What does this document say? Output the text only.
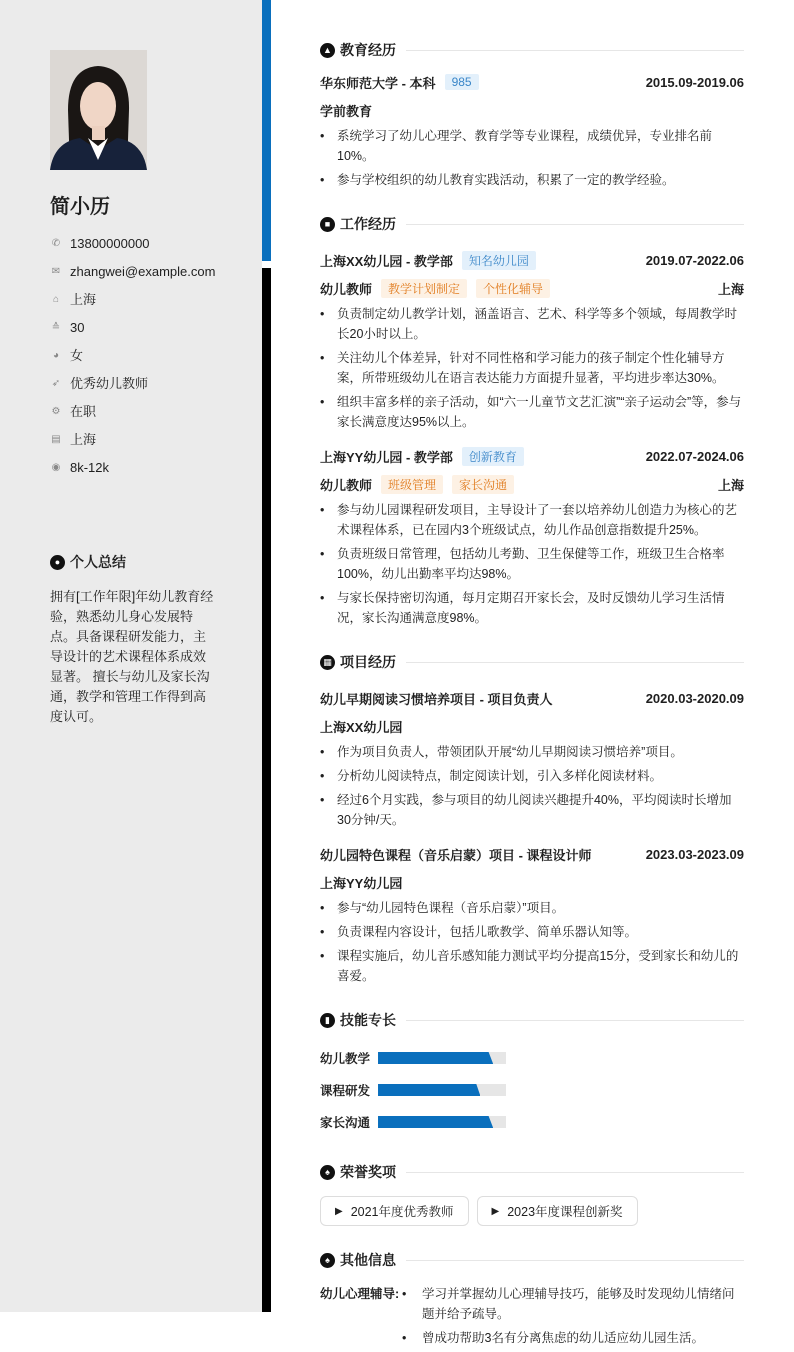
简小历
✆ 13800000000
✉ zhangwei@example.com
⌂ 上海
≙ 30
◕ 女
➶ 优秀幼儿教师
⚙ 在职
▤ 上海
◉ 8k-12k
● 个人总结
拥有[工作年限]年幼儿教育经验，熟悉幼儿身心发展特点。具备课程研发能力，主导设计的艺术课程体系成效显著。 擅长与幼儿及家长沟通，教学和管理工作得到高度认可。
▲ 教育经历
华东师范大学 - 本科	985	2015.09-2019.06
学前教育
• 系统学习了幼儿心理学、教育学等专业课程，成绩优异，专业排名前10%。
• 参与学校组织的幼儿教育实践活动，积累了一定的教学经验。
■ 工作经历
上海XX幼儿园 - 教学部	知名幼儿园	2019.07-2022.06
幼儿教师	教学计划制定	个性化辅导	上海
• 负责制定幼儿教学计划，涵盖语言、艺术、科学等多个领域，每周教学时长20小时以上。
• 关注幼儿个体差异，针对不同性格和学习能力的孩子制定个性化辅导方案，所带班级幼儿在语言表达能力方面提升显著，平均进步率达30%。
• 组织丰富多样的亲子活动，如“六一儿童节文艺汇演”“亲子运动会”等，参与家长满意度达95%以上。
上海YY幼儿园 - 教学部	创新教育	2022.07-2024.06
幼儿教师	班级管理	家长沟通	上海
• 参与幼儿园课程研发项目，主导设计了一套以培养幼儿创造力为核心的艺术课程体系，已在园内3个班级试点，幼儿作品创意指数提升25%。
• 负责班级日常管理，包括幼儿考勤、卫生保健等工作，班级卫生合格率100%，幼儿出勤率平均达98%。
• 与家长保持密切沟通，每月定期召开家长会，及时反馈幼儿学习生活情况，家长沟通满意度98%。
▦ 项目经历
幼儿早期阅读习惯培养项目 - 项目负责人	2020.03-2020.09
上海XX幼儿园
• 作为项目负责人，带领团队开展“幼儿早期阅读习惯培养”项目。
• 分析幼儿阅读特点，制定阅读计划，引入多样化阅读材料。
• 经过6个月实践，参与项目的幼儿阅读兴趣提升40%，平均阅读时长增加30分钟/天。
幼儿园特色课程（音乐启蒙）项目 - 课程设计师	2023.03-2023.09
上海YY幼儿园
• 参与“幼儿园特色课程（音乐启蒙）”项目。
• 负责课程内容设计，包括儿歌教学、简单乐器认知等。
• 课程实施后，幼儿音乐感知能力测试平均分提高15分，受到家长和幼儿的喜爱。
▮ 技能专长
幼儿教学
课程研发
家长沟通
♠ 荣誉奖项
▶ 2021年度优秀教师	▶ 2023年度课程创新奖
♠ 其他信息
幼儿心理辅导:	• 学习并掌握幼儿心理辅导技巧，能够及时发现幼儿情绪问题并给予疏导。
• 曾成功帮助3名有分离焦虑的幼儿适应幼儿园生活。
